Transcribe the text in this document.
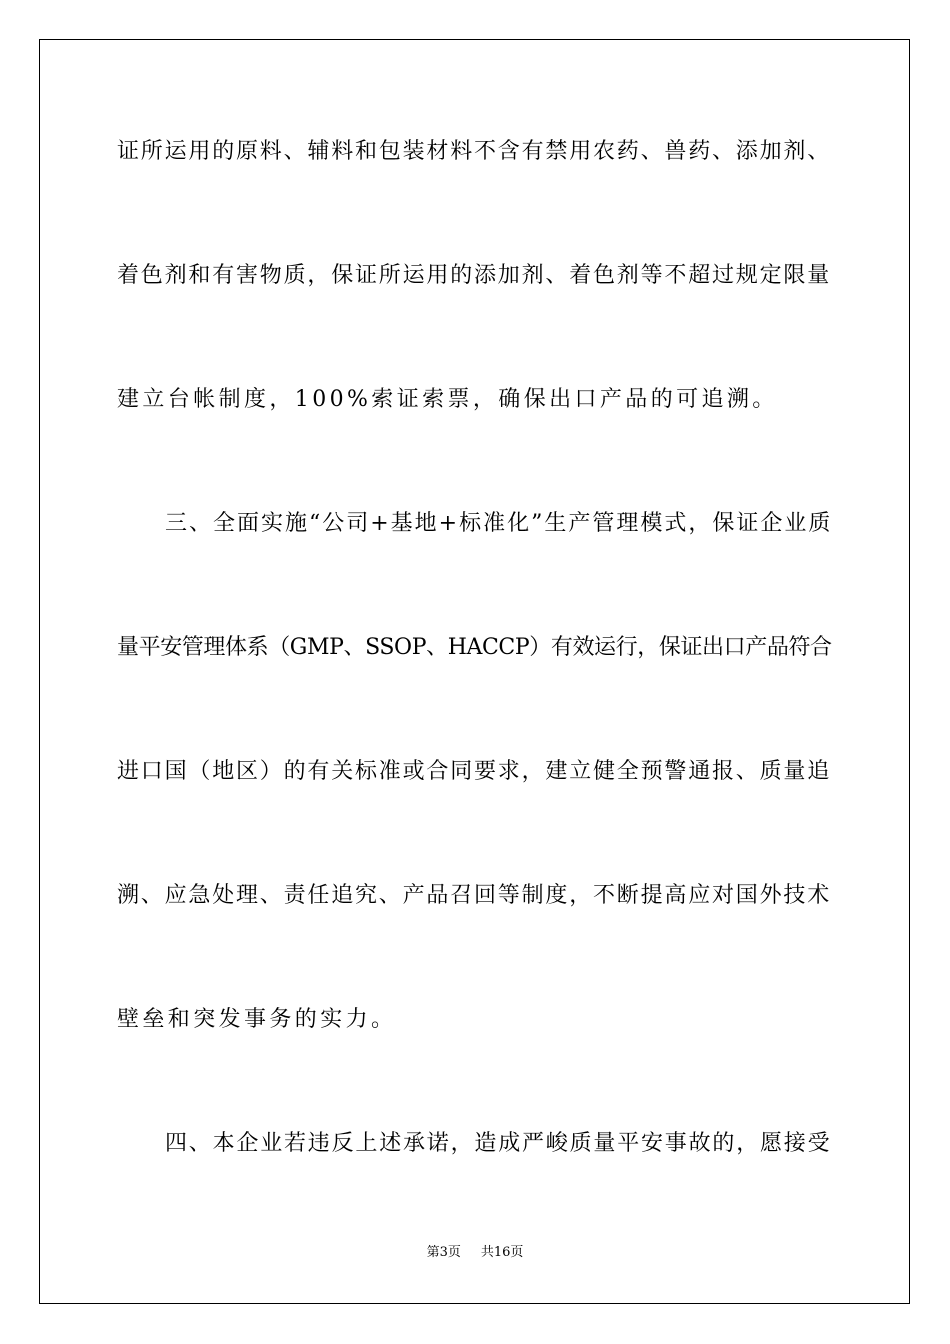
证所运用的原料、辅料和包装材料不含有禁用农药、兽药、添加剂、
着色剂和有害物质，保证所运用的添加剂、着色剂等不超过规定限量
建立台帐制度，100%索证索票，确保出口产品的可追溯。
三、全面实施“公司+基地+标准化”生产管理模式，保证企业质
量平安管理体系（GMP、SSOP、HACCP）有效运行，保证出口产品符合
进口国（地区）的有关标准或合同要求，建立健全预警通报、质量追
溯、应急处理、责任追究、产品召回等制度，不断提高应对国外技术
壁垒和突发事务的实力。
四、本企业若违反上述承诺，造成严峻质量平安事故的，愿接受
第3页 共16页
